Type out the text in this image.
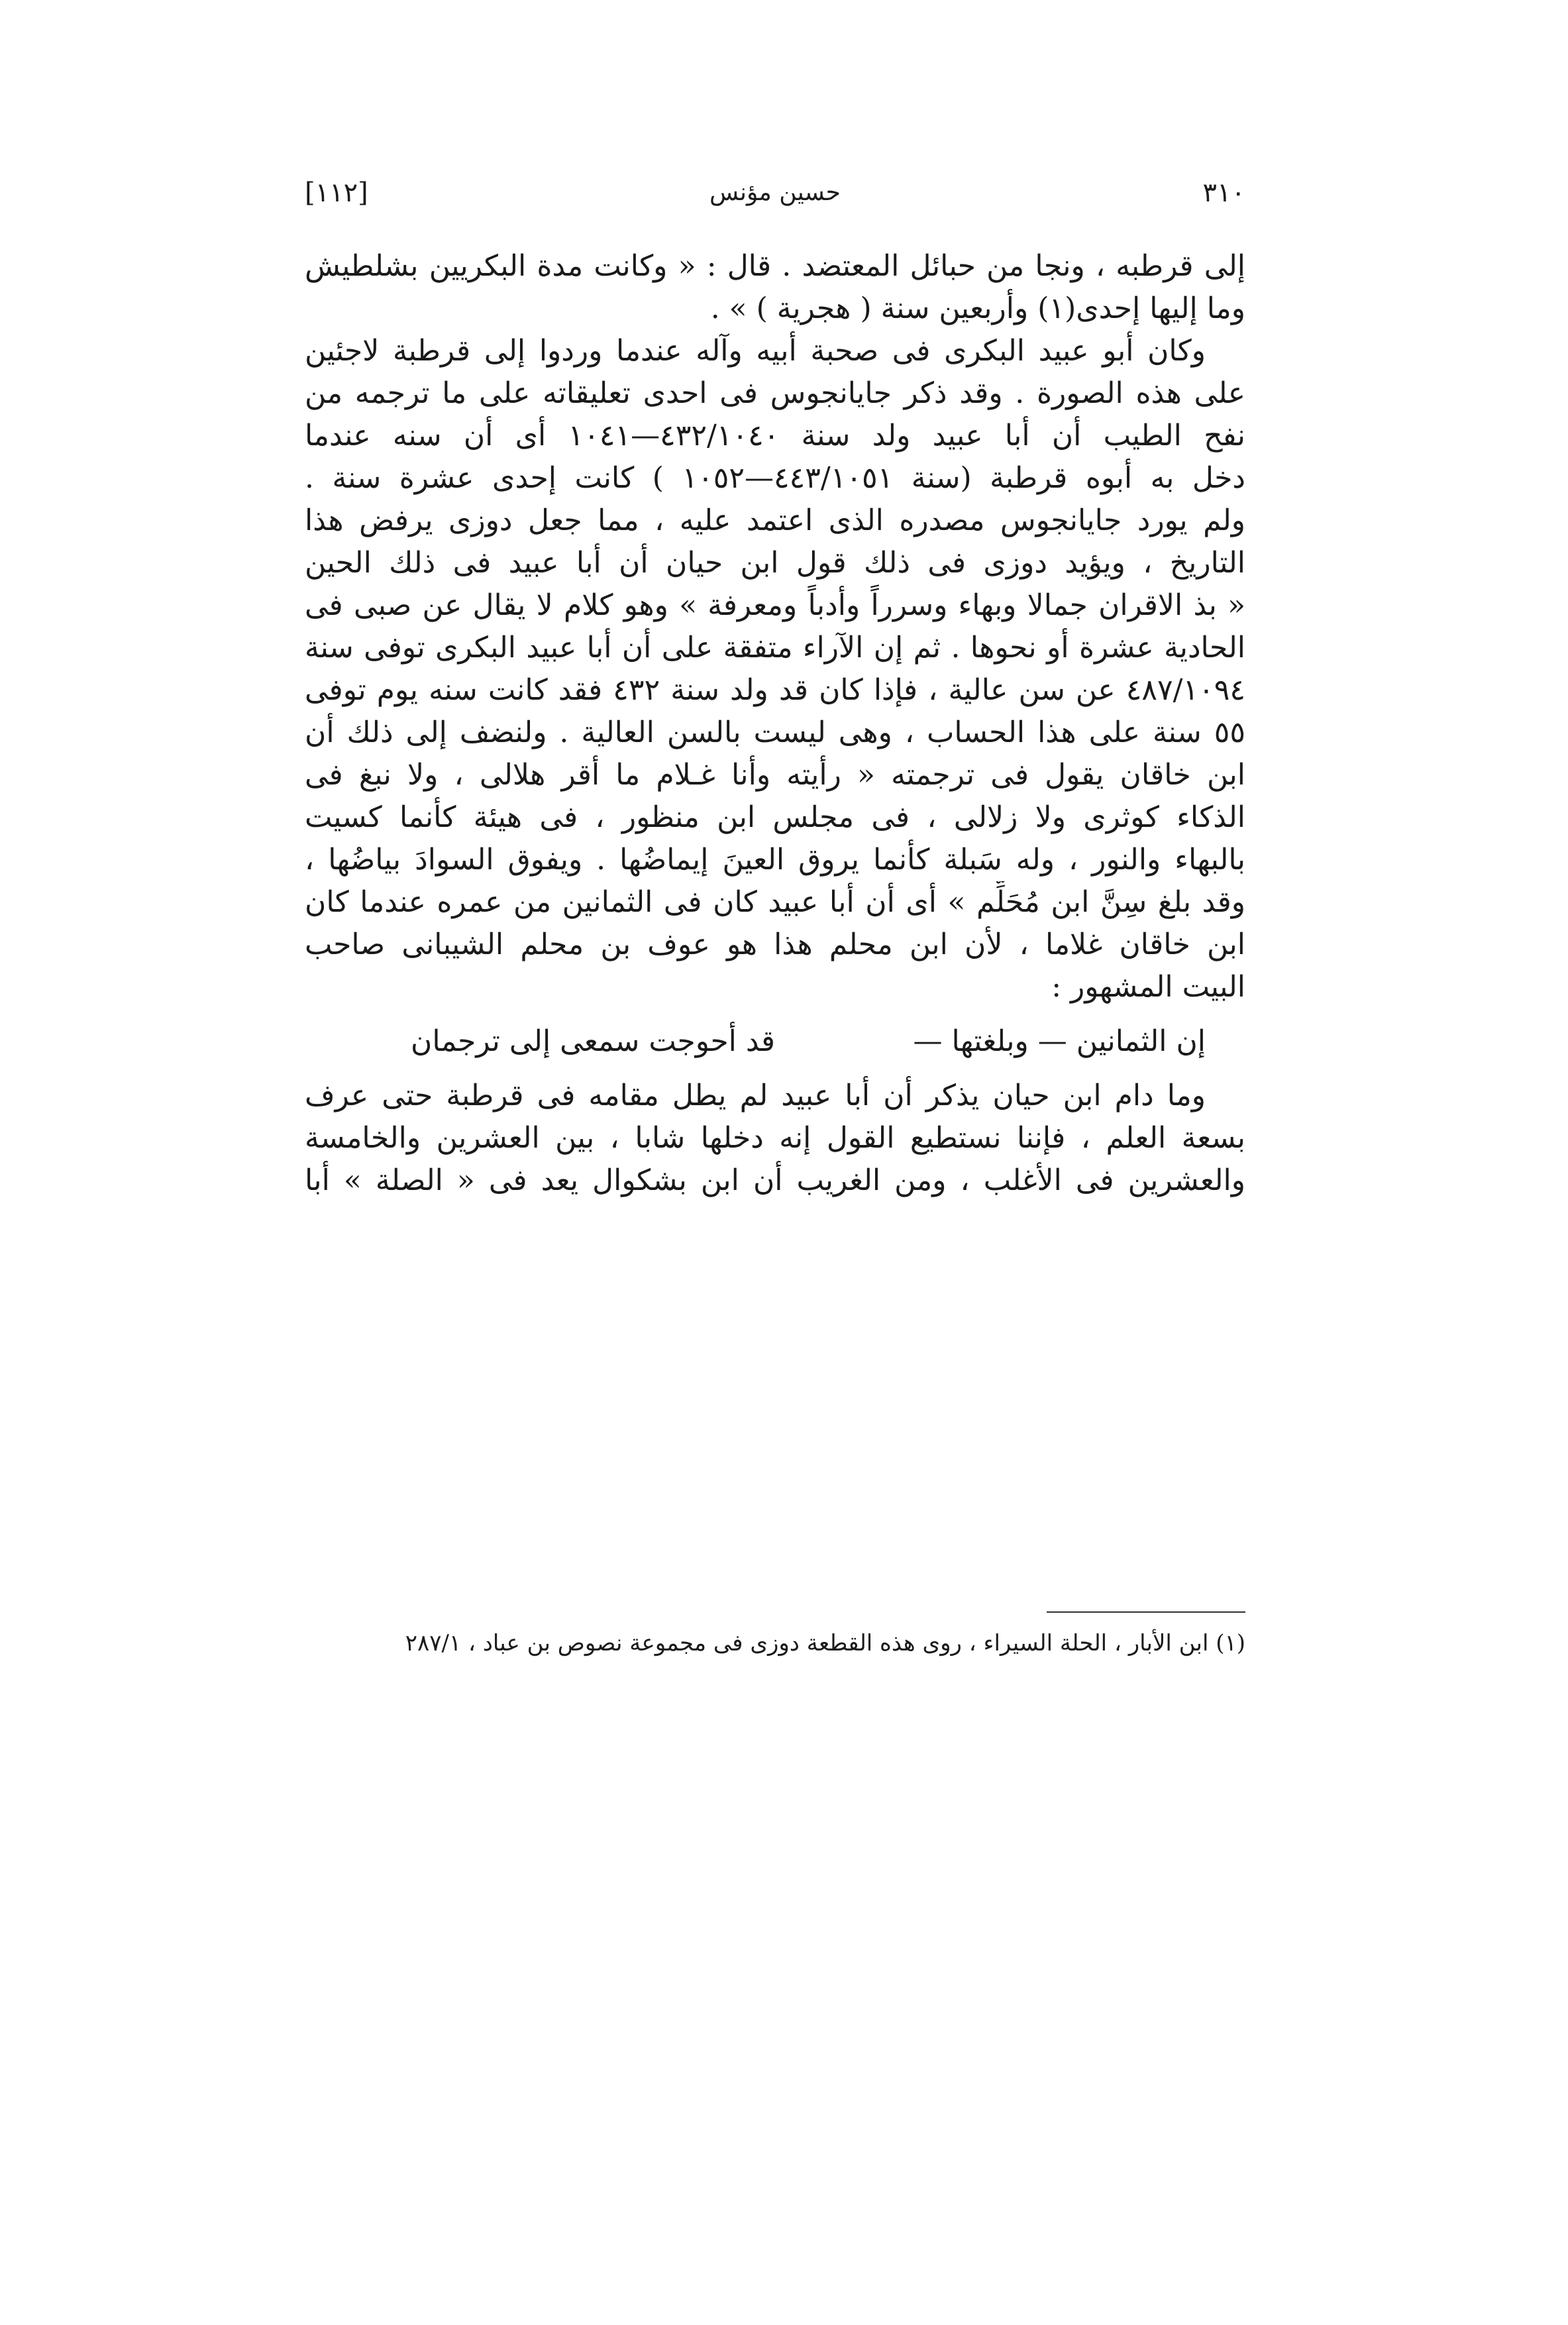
٣١٠
حسين مؤنس
[١١٢]
إلى قرطبه ، ونجا من حبائل المعتضد . قال : « وكانت مدة البكريين بشلطيش
وما إليها إحدى(١) وأربعين سنة ( هجرية ) » .
وكان أبو عبيد البكرى فى صحبة أبيه وآله عندما وردوا إلى قرطبة لاجئين
على هذه الصورة . وقد ذكر جايانجوس فى احدى تعليقاته على ما ترجمه من
نفح الطيب أن أبا عبيد ولد سنة ٤٣٢/١٠٤٠—١٠٤١ أى أن سنه عندما
دخل به أبوه قرطبة (سنة ٤٤٣/١٠٥١—١٠٥٢ ) كانت إحدى عشرة سنة .
ولم يورد جايانجوس مصدره الذى اعتمد عليه ، مما جعل دوزى يرفض هذا
التاريخ ، ويؤيد دوزى فى ذلك قول ابن حيان أن أبا عبيد فى ذلك الحين
« بذ الاقران جمالا وبهاء وسرراً وأدباً ومعرفة » وهو كلام لا يقال عن صبى فى
الحادية عشرة أو نحوها . ثم إن الآراء متفقة على أن أبا عبيد البكرى توفى سنة
٤٨٧/١٠٩٤ عن سن عالية ، فإذا كان قد ولد سنة ٤٣٢ فقد كانت سنه يوم توفى
٥٥ سنة على هذا الحساب ، وهى ليست بالسن العالية . ولنضف إلى ذلك أن
ابن خاقان يقول فى ترجمته « رأيته وأنا غـلام ما أقر هلالى ، ولا نبغ فى
الذكاء كوثرى ولا زلالى ، فى مجلس ابن منظور ، فى هيئة كأنما كسيت
بالبهاء والنور ، وله سَبلة كأنما يروق العينَ إيماضُها . ويفوق السوادَ بياضُها ،
وقد بلغ سِنَّ ابن مُحَلِّم » أى أن أبا عبيد كان فى الثمانين من عمره عندما كان
ابن خاقان غلاما ، لأن ابن محلم هذا هو عوف بن محلم الشيبانى صاحب
البيت المشهور :
إن الثمانين — وبلغتها —
قد أحوجت سمعى إلى ترجمان
وما دام ابن حيان يذكر أن أبا عبيد لم يطل مقامه فى قرطبة حتى عرف
بسعة العلم ، فإننا نستطيع القول إنه دخلها شابا ، بين العشرين والخامسة
والعشرين فى الأغلب ، ومن الغريب أن ابن بشكوال يعد فى « الصلة » أبا
(١) ابن الأبار ، الحلة السيراء ، روى هذه القطعة دوزى فى مجموعة نصوص بن عباد ، ٢٨٧/١
